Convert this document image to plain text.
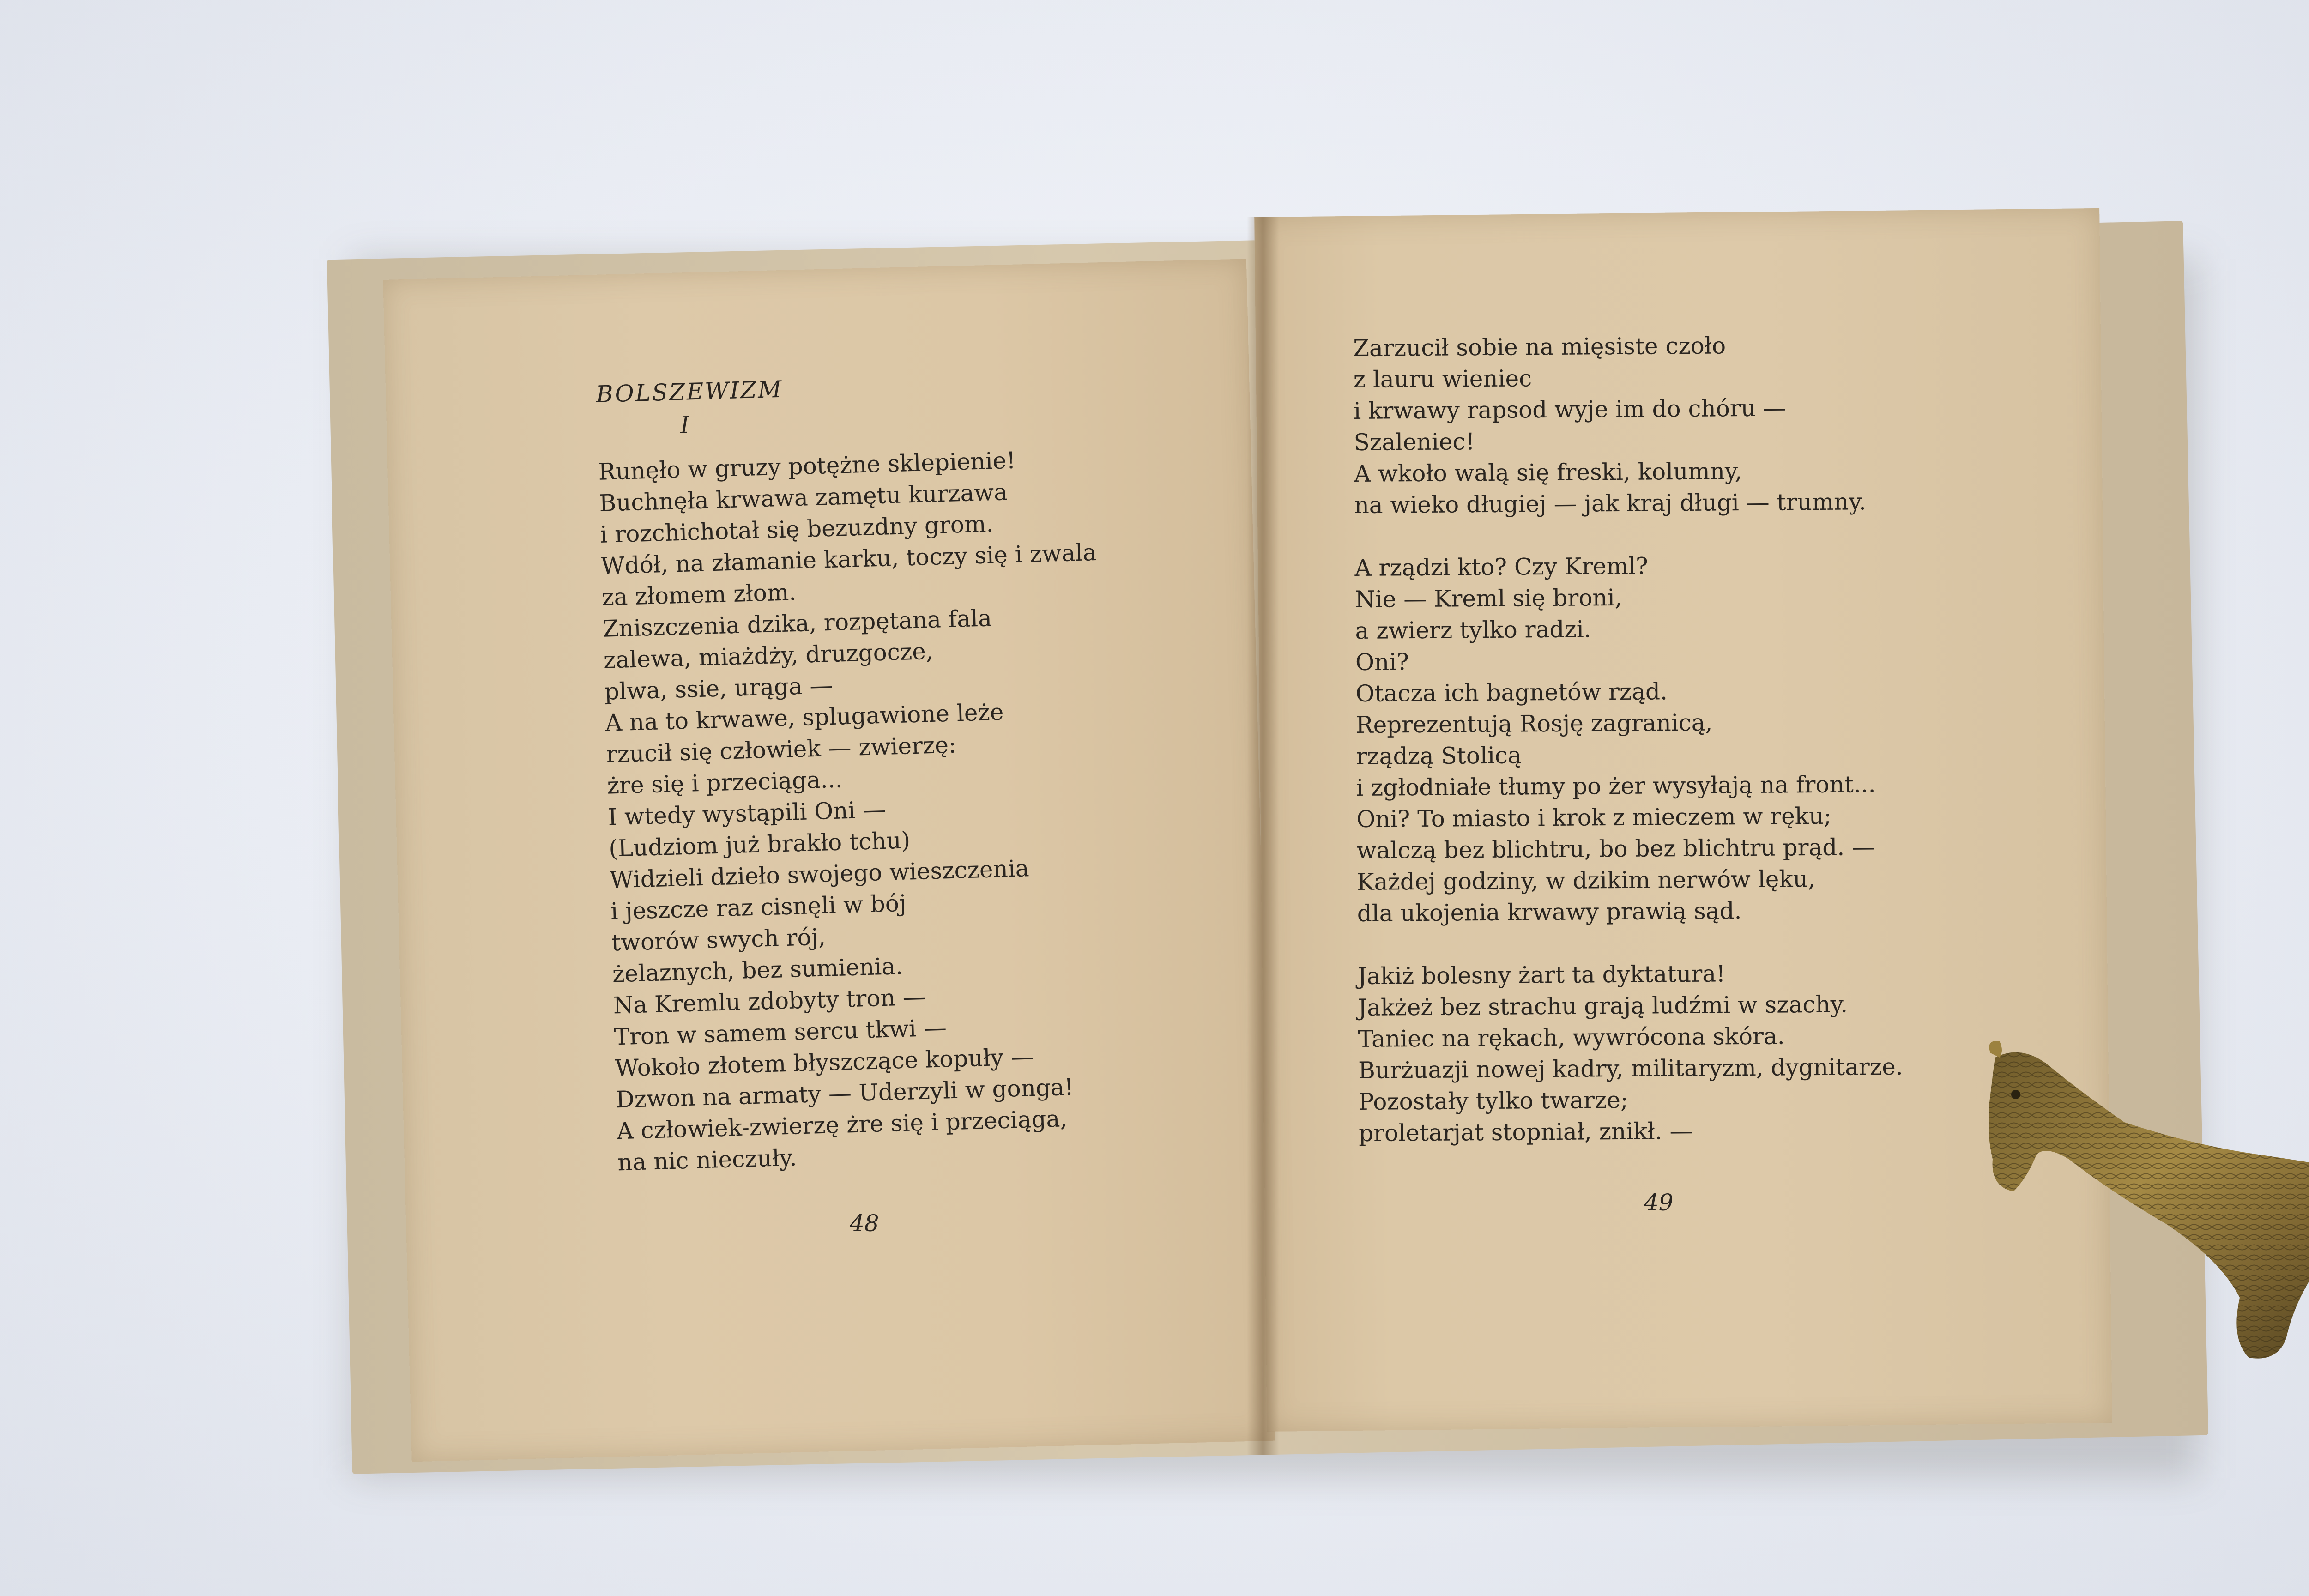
BOLSZEWIZM
I
Runęło w gruzy potężne sklepienie!
Buchnęła krwawa zamętu kurzawa
i rozchichotał się bezuzdny grom.
Wdół, na złamanie karku, toczy się i zwala
za złomem złom.
Zniszczenia dzika, rozpętana fala
zalewa, miażdży, druzgocze,
plwa, ssie, urąga —
A na to krwawe, splugawione leże
rzucił się człowiek — zwierzę:
żre się i przeciąga...
I wtedy wystąpili Oni —
(Ludziom już brakło tchu)
Widzieli dzieło swojego wieszczenia
i jeszcze raz cisnęli w bój
tworów swych rój,
żelaznych, bez sumienia.
Na Kremlu zdobyty tron —
Tron w samem sercu tkwi —
Wokoło złotem błyszczące kopuły —
Dzwon na armaty — Uderzyli w gonga!
A człowiek-zwierzę żre się i przeciąga,
na nic nieczuły.
48
Zarzucił sobie na mięsiste czoło
z lauru wieniec
i krwawy rapsod wyje im do chóru —
Szaleniec!
A wkoło walą się freski, kolumny,
na wieko długiej — jak kraj długi — trumny.
A rządzi kto? Czy Kreml?
Nie — Kreml się broni,
a zwierz tylko radzi.
Oni?
Otacza ich bagnetów rząd.
Reprezentują Rosję zagranicą,
rządzą Stolicą
i zgłodniałe tłumy po żer wysyłają na front...
Oni? To miasto i krok z mieczem w ręku;
walczą bez blichtru, bo bez blichtru prąd. —
Każdej godziny, w dzikim nerwów lęku,
dla ukojenia krwawy prawią sąd.
Jakiż bolesny żart ta dyktatura!
Jakżeż bez strachu grają ludźmi w szachy.
Taniec na rękach, wywrócona skóra.
Burżuazji nowej kadry, militaryzm, dygnitarze.
Pozostały tylko twarze;
proletarjat stopniał, znikł. —
49
